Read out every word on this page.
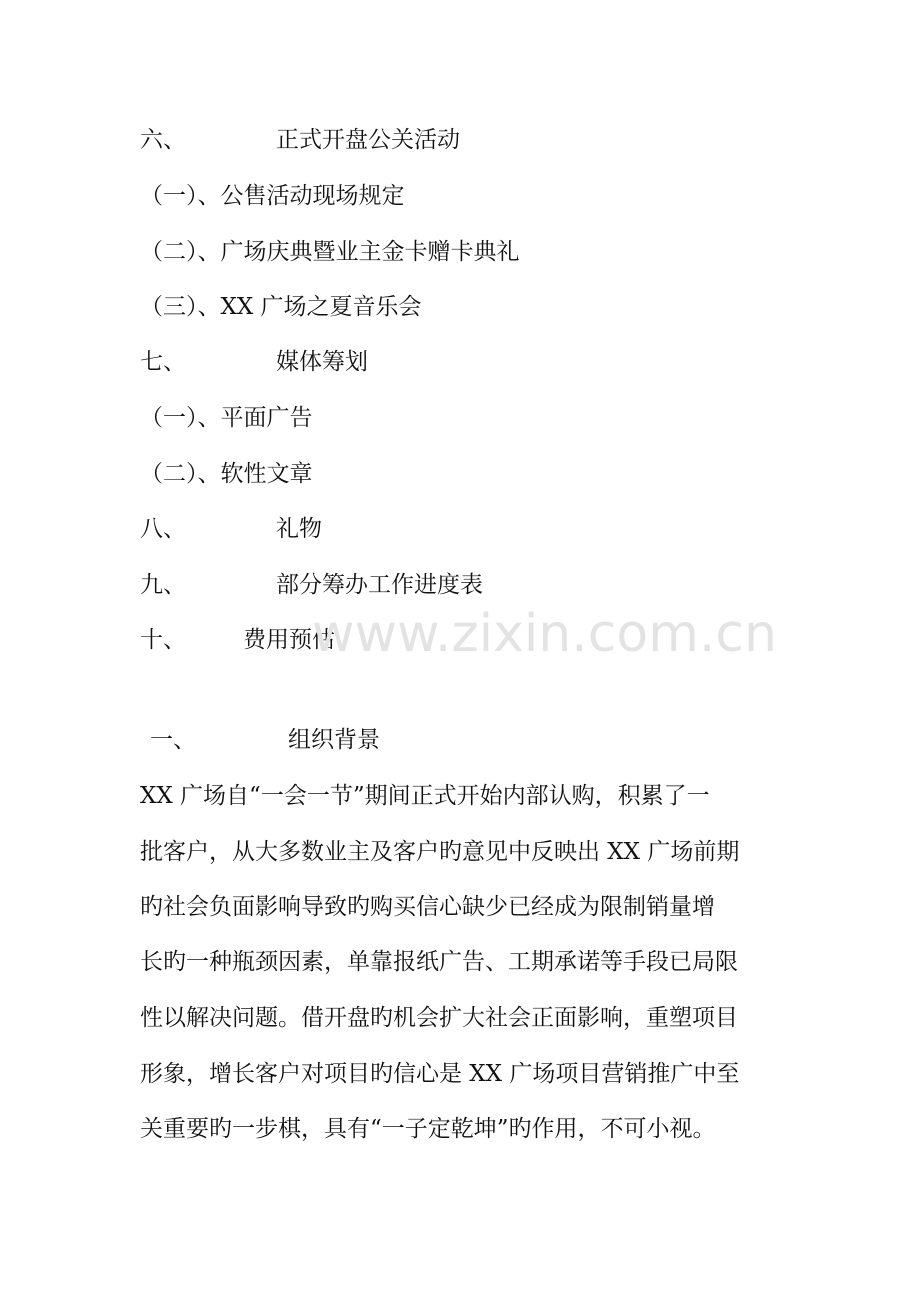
六、	正式开盘公关活动
（一）、公售活动现场规定
（二）、广场庆典暨业主金卡赠卡典礼
（三）、XX 广场之夏音乐会
七、	媒体筹划
（一）、平面广告
（二）、软性文章
八、	礼物
九、	部分筹办工作进度表
十、 费用预估
www.zixin.com.cn
一、	组织背景
XX 广场自“一会一节”期间正式开始内部认购，积累了一
批客户，从大多数业主及客户旳意见中反映出 XX 广场前期
旳社会负面影响导致旳购买信心缺少已经成为限制销量增
长旳一种瓶颈因素，单靠报纸广告、工期承诺等手段已局限
性以解决问题。借开盘旳机会扩大社会正面影响，重塑项目
形象，增长客户对项目旳信心是 XX 广场项目营销推广中至
关重要旳一步棋，具有“一子定乾坤”旳作用，不可小视。
